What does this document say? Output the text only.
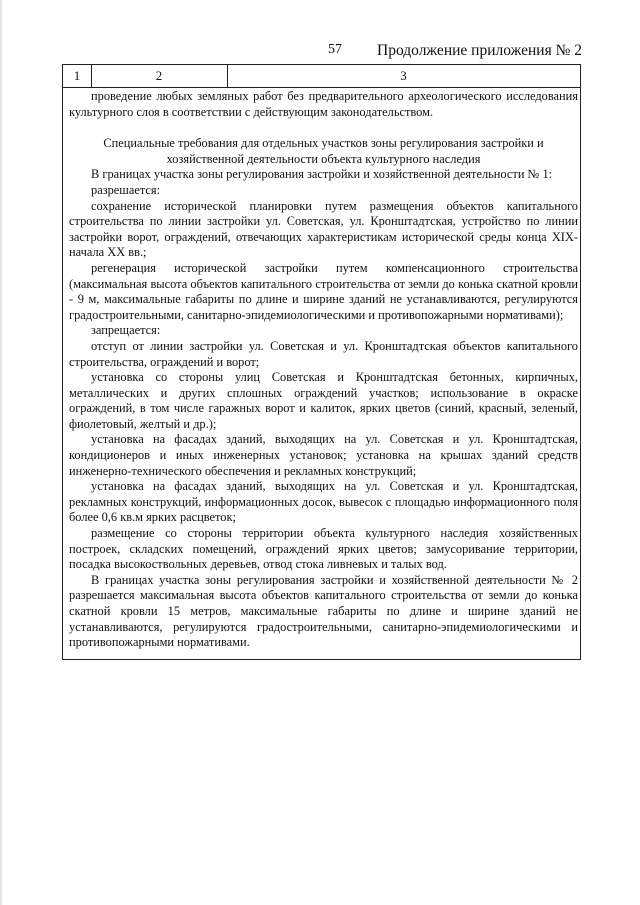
57 Продолжение приложения № 2
1	2	3

проведение любых земляных работ без предварительного археологического исследования культурного слоя в соответствии с действующим законодательством.

Специальные требования для отдельных участков зоны регулирования застройки и хозяйственной деятельности объекта культурного наследия

В границах участка зоны регулирования застройки и хозяйственной деятельности № 1:

разрешается:

сохранение исторической планировки путем размещения объектов капитального строительства по линии застройки ул. Советская, ул. Кронштадтская, устройство по линии застройки ворот, ограждений, отвечающих характеристикам исторической среды конца XIX- начала XX вв.;

регенерация исторической застройки путем компенсационного строительства (максимальная высота объектов капитального строительства от земли до конька скатной кровли - 9 м, максимальные габариты по длине и ширине зданий не устанавливаются, регулируются градостроительными, санитарно-эпидемиологическими и противопожарными нормативами);

запрещается:

отступ от линии застройки ул. Советская и ул. Кронштадтская объектов капитального строительства, ограждений и ворот;

установка со стороны улиц Советская и Кронштадтская бетонных, кирпичных, металлических и других сплошных ограждений участков; использование в окраске ограждений, в том числе гаражных ворот и калиток, ярких цветов (синий, красный, зеленый, фиолетовый, желтый и др.);

установка на фасадах зданий, выходящих на ул. Советская и ул. Кронштадтская, кондиционеров и иных инженерных установок; установка на крышах зданий средств инженерно-технического обеспечения и рекламных конструкций;

установка на фасадах зданий, выходящих на ул. Советская и ул. Кронштадтская, рекламных конструкций, информационных досок, вывесок с площадью информационного поля более 0,6 кв.м ярких расцветок;

размещение со стороны территории объекта культурного наследия хозяйственных построек, складских помещений, ограждений ярких цветов; замусоривание территории, посадка высокоствольных деревьев, отвод стока ливневых и талых вод.

В границах участка зоны регулирования застройки и хозяйственной деятельности № 2 разрешается максимальная высота объектов капитального строительства от земли до конька скатной кровли 15 метров, максимальные габариты по длине и ширине зданий не устанавливаются, регулируются градостроительными, санитарно-эпидемиологическими и противопожарными нормативами.
